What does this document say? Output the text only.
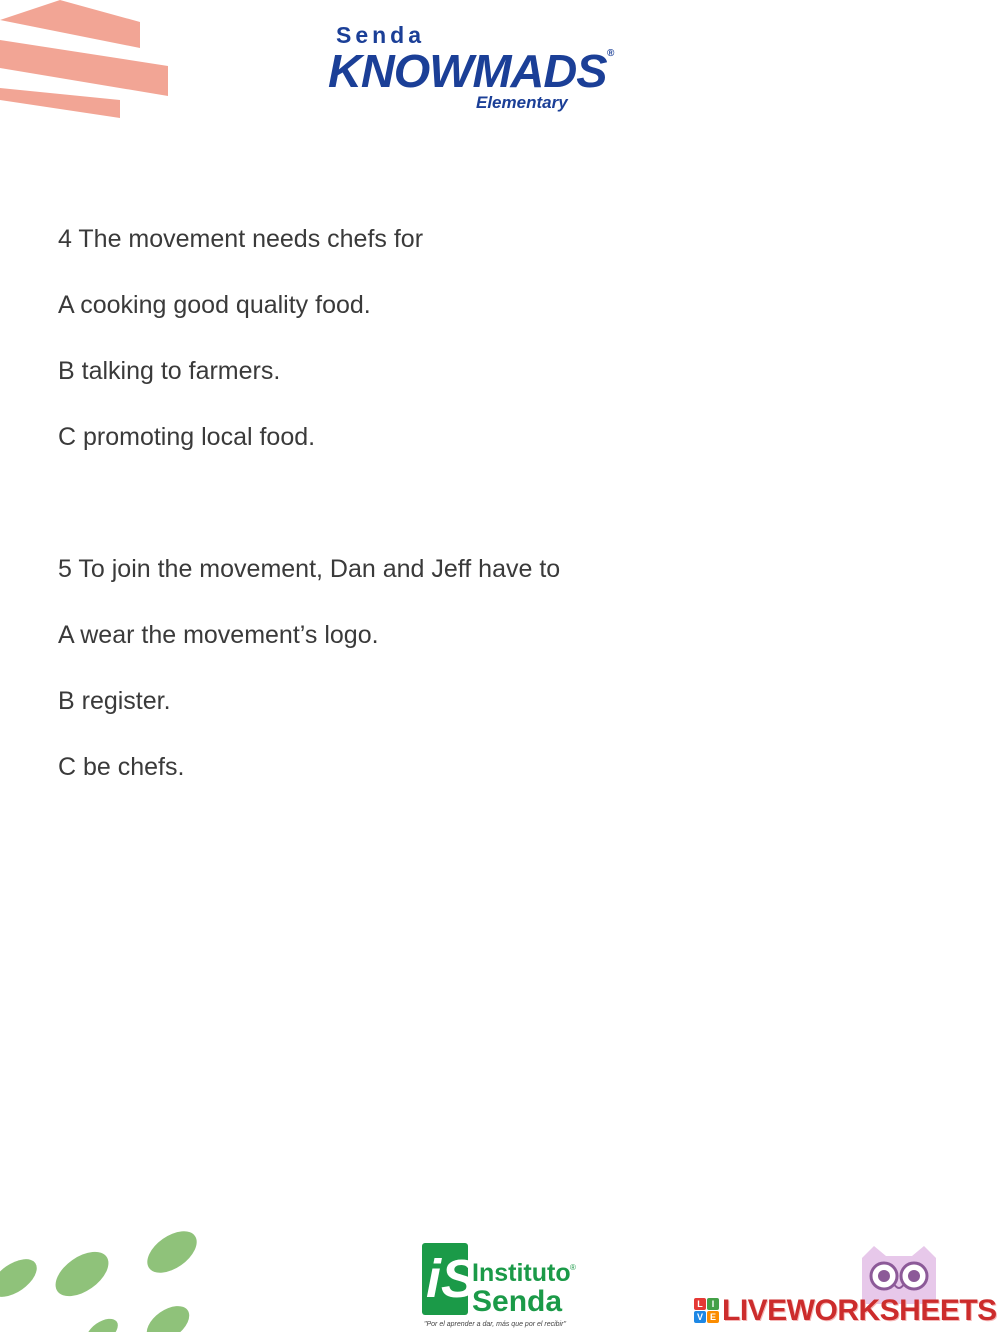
Senda
KNOWMADS ®
Elementary
4 The movement needs chefs for
A cooking good quality food.
B talking to farmers.
C promoting local food.
5 To join the movement, Dan and Jeff have to
A wear the movement’s logo.
B register.
C be chefs.
iS
Instituto ®
Senda
"Por el aprender a dar, más que por el recibir"
L I
V E LIVEWORKSHEETS
